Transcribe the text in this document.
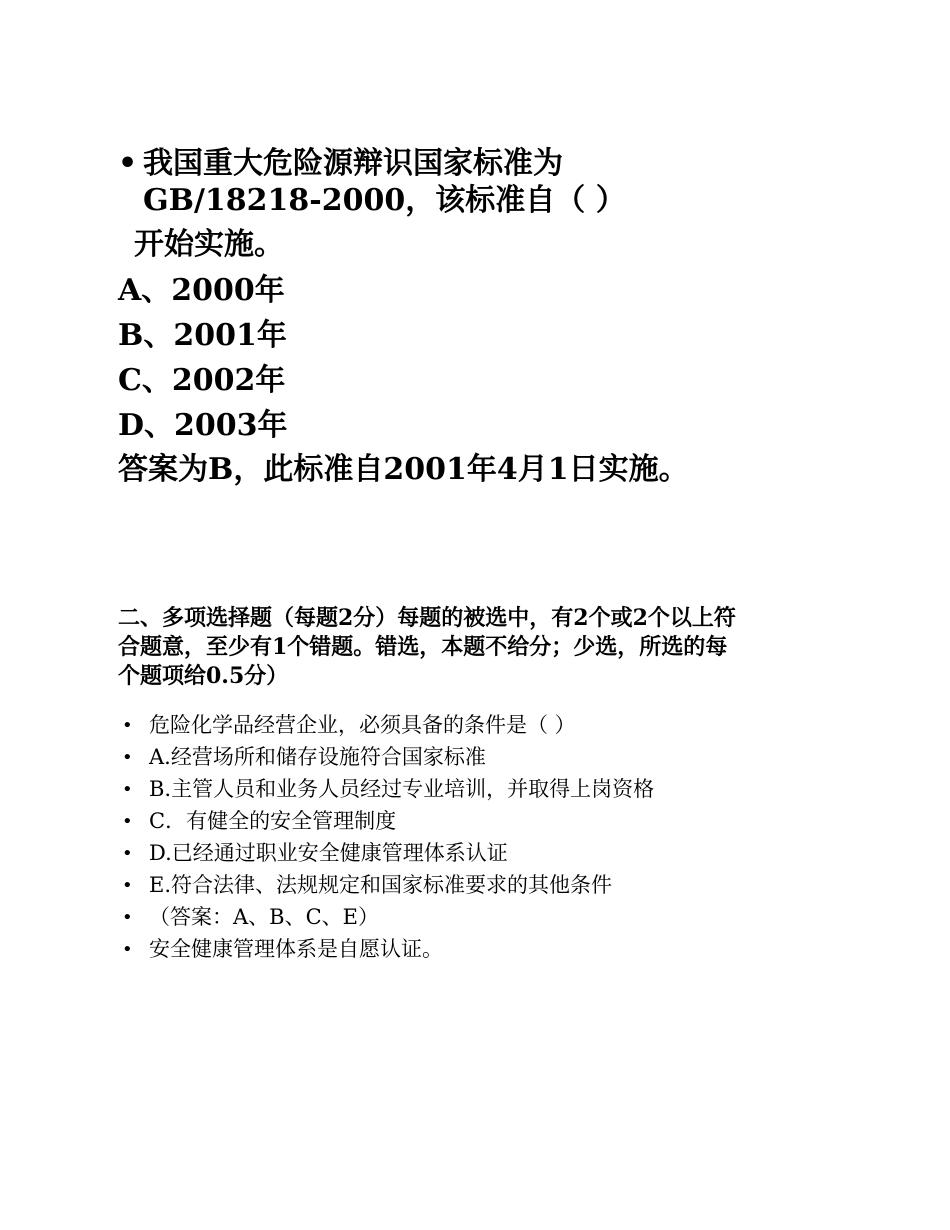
• 我国重大危险源辩识国家标准为GB/18218-2000，该标准自（ ）
开始实施。
A、2000年
B、2001年
C、2002年
D、2003年
答案为B，此标准自2001年4月1日实施。
二、多项选择题（每题2分）每题的被选中，有2个或2个以上符合题意，至少有1个错题。错选，本题不给分；少选，所选的每个题项给0.5分）
• 危险化学品经营企业，必须具备的条件是（ ）
• A.经营场所和储存设施符合国家标准
• B.主管人员和业务人员经过专业培训，并取得上岗资格
• C．有健全的安全管理制度
• D.已经通过职业安全健康管理体系认证
• E.符合法律、法规规定和国家标准要求的其他条件
• （答案：A、B、C、E）
• 安全健康管理体系是自愿认证。
